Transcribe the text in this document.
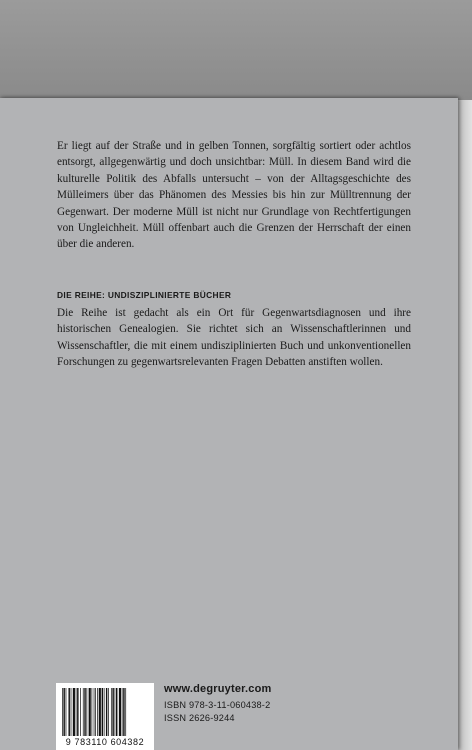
Er liegt auf der Straße und in gelben Tonnen, sorgfältig sortiert oder achtlos entsorgt, allgegenwärtig und doch unsichtbar: Müll. In diesem Band wird die kulturelle Politik des Abfalls untersucht – von der Alltagsgeschichte des Mülleimers über das Phänomen des Messies bis hin zur Mülltrennung der Gegenwart. Der moderne Müll ist nicht nur Grundlage von Rechtfertigungen von Ungleichheit. Müll offenbart auch die Grenzen der Herrschaft der einen über die anderen.

DIE REIHE: UNDISZIPLINIERTE BÜCHER

Die Reihe ist gedacht als ein Ort für Gegenwartsdiagnosen und ihre historischen Genealogien. Sie richtet sich an Wissenschaftlerinnen und Wissenschaftler, die mit einem undisziplinierten Buch und unkonventionellen Forschungen zu gegenwartsrelevanten Fragen Debatten anstiften wollen.

9 783110 604382
www.degruyter.com
ISBN 978-3-11-060438-2
ISSN 2626-9244
